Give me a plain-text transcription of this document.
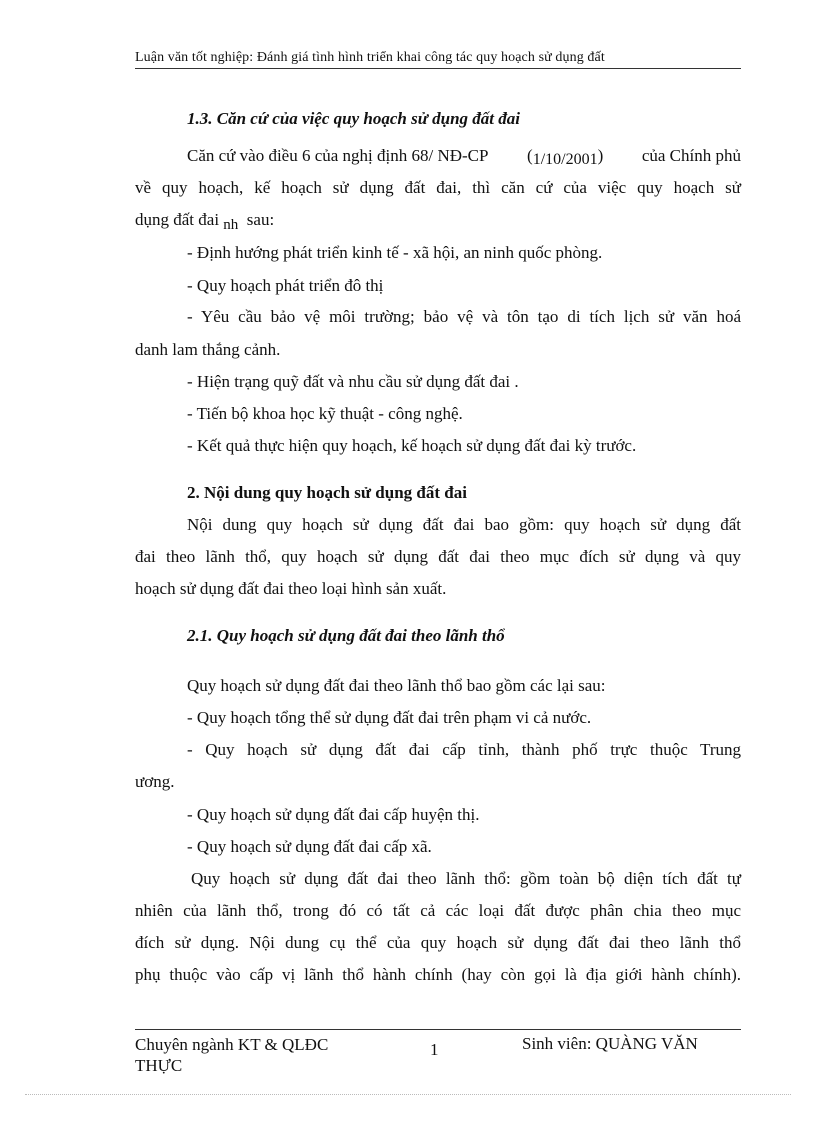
Luận văn tốt nghiệp: Đánh giá tình hình triển khai công tác quy hoạch sử dụng đất
1.3. Căn cứ của việc quy hoạch sử dụng đất đai
Căn cứ vào điều 6 của nghị định 68/ NĐ-CP (1/10/2001) của Chính phủ
về quy hoạch, kế hoạch sử dụng đất đai, thì căn cứ của việc quy hoạch sử
dụng đất đai nh sau:
- Định hướng phát triển kinh tế - xã hội, an ninh quốc phòng.
- Quy hoạch phát triển đô thị
- Yêu cầu bảo vệ môi trường; bảo vệ và tôn tạo di tích lịch sử văn hoá
danh lam thắng cảnh.
- Hiện trạng quỹ đất và nhu cầu sử dụng đất đai .
- Tiến bộ khoa học kỹ thuật - công nghệ.
- Kết quả thực hiện quy hoạch, kế hoạch sử dụng đất đai kỳ trước.
2. Nội dung quy hoạch sử dụng đất đai
Nội dung quy hoạch sử dụng đất đai bao gồm: quy hoạch sử dụng đất
đai theo lãnh thổ, quy hoạch sử dụng đất đai theo mục đích sử dụng và quy
hoạch sử dụng đất đai theo loại hình sản xuất.
2.1. Quy hoạch sử dụng đất đai theo lãnh thổ
Quy hoạch sử dụng đất đai theo lãnh thổ bao gồm các lại sau:
- Quy hoạch tổng thể sử dụng đất đai trên phạm vi cả nước.
- Quy hoạch sử dụng đất đai cấp tỉnh, thành phố trực thuộc Trung
ương.
- Quy hoạch sử dụng đất đai cấp huyện thị.
- Quy hoạch sử dụng đất đai cấp xã.
Quy hoạch sử dụng đất đai theo lãnh thổ: gồm toàn bộ diện tích đất tự
nhiên của lãnh thổ, trong đó có tất cả các loại đất được phân chia theo mục
đích sử dụng. Nội dung cụ thể của quy hoạch sử dụng đất đai theo lãnh thổ
phụ thuộc vào cấp vị lãnh thổ hành chính (hay còn gọi là địa giới hành chính).
Chuyên ngành KT & QLĐC
THỰC
1	Sinh viên: QUÀNG VĂN
